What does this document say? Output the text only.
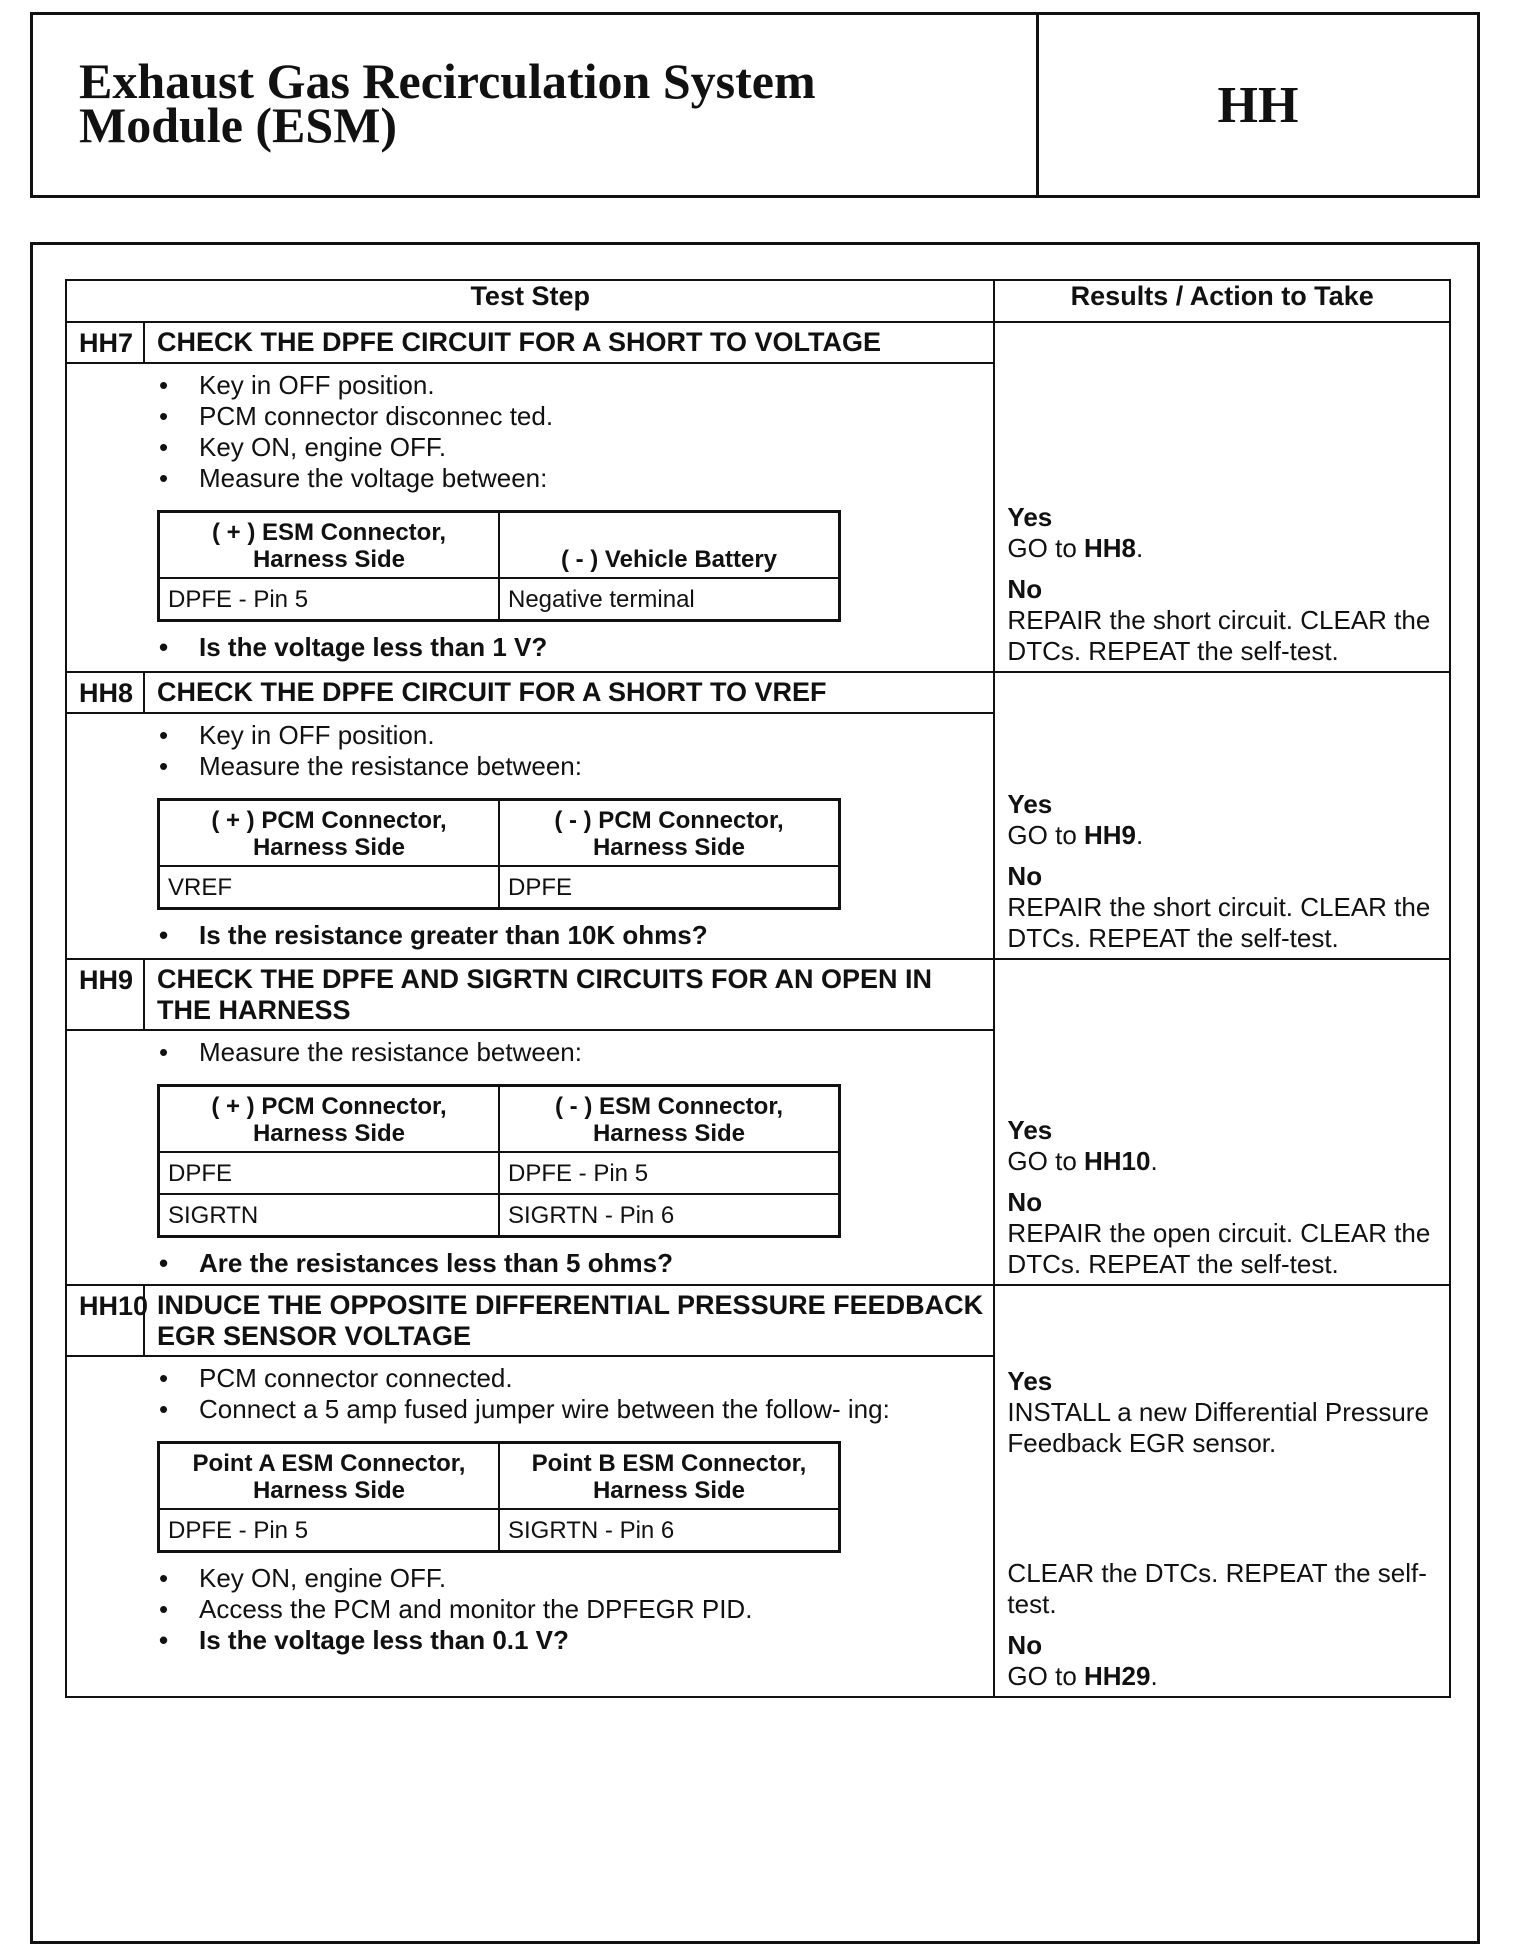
Exhaust Gas Recirculation System
Module (ESM)	HH
Test Step	Results / Action to Take

HH7 CHECK THE DPFE CIRCUIT FOR A SHORT TO VOLTAGE
• Key in OFF position.
• PCM connector disconnec ted.
• Key ON, engine OFF.
• Measure the voltage between:
( + ) ESM Connector, Harness Side	( - ) Vehicle Battery
DPFE - Pin 5	Negative terminal
• Is the voltage less than 1 V?

Yes
GO to HH8.
No
REPAIR the short circuit. CLEAR the DTCs. REPEAT the self-test.

HH8 CHECK THE DPFE CIRCUIT FOR A SHORT TO VREF
• Key in OFF position.
• Measure the resistance between:
( + ) PCM Connector, Harness Side	( - ) PCM Connector, Harness Side
VREF	DPFE
• Is the resistance greater than 10K ohms?

Yes
GO to HH9.
No
REPAIR the short circuit. CLEAR the DTCs. REPEAT the self-test.

HH9 CHECK THE DPFE AND SIGRTN CIRCUITS FOR AN OPEN IN THE HARNESS
• Measure the resistance between:
( + ) PCM Connector, Harness Side	( - ) ESM Connector, Harness Side
DPFE	DPFE - Pin 5
SIGRTN	SIGRTN - Pin 6
• Are the resistances less than 5 ohms?

Yes
GO to HH10.
No
REPAIR the open circuit. CLEAR the DTCs. REPEAT the self-test.

HH10 INDUCE THE OPPOSITE DIFFERENTIAL PRESSURE FEEDBACK EGR SENSOR VOLTAGE
• PCM connector connected.
• Connect a 5 amp fused jumper wire between the follow- ing:
Point A ESM Connector, Harness Side	Point B ESM Connector, Harness Side
DPFE - Pin 5	SIGRTN - Pin 6
• Key ON, engine OFF.
• Access the PCM and monitor the DPFEGR PID.
• Is the voltage less than 0.1 V?

Yes
INSTALL a new Differential Pressure Feedback EGR sensor.
CLEAR the DTCs. REPEAT the self-test.
No
GO to HH29.
